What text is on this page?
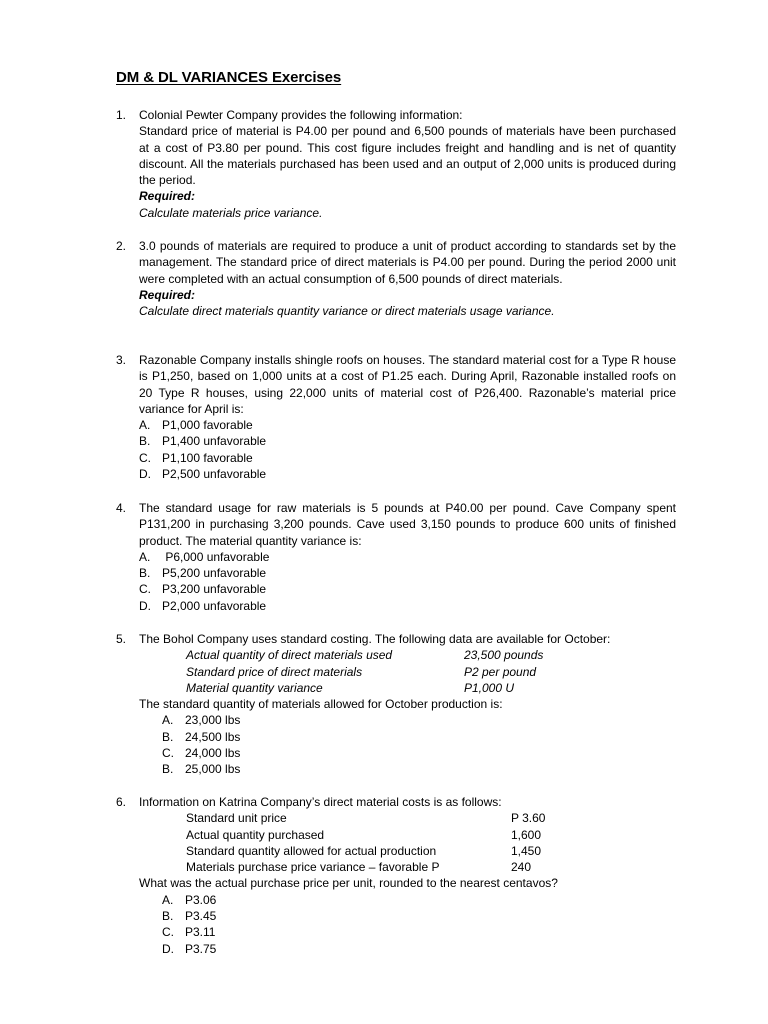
DM & DL VARIANCES Exercises
1.	Colonial Pewter Company provides the following information:
Standard price of material is P4.00 per pound and 6,500 pounds of materials have been purchased at a cost of P3.80 per pound. This cost figure includes freight and handling and is net of quantity discount. All the materials purchased has been used and an output of 2,000 units is produced during the period.
Required:
Calculate materials price variance.
2.	3.0 pounds of materials are required to produce a unit of product according to standards set by the management. The standard price of direct materials is P4.00 per pound. During the period 2000 unit were completed with an actual consumption of 6,500 pounds of direct materials.
Required:
Calculate direct materials quantity variance or direct materials usage variance.
3.	Razonable Company installs shingle roofs on houses. The standard material cost for a Type R house is P1,250, based on 1,000 units at a cost of P1.25 each. During April, Razonable installed roofs on 20 Type R houses, using 22,000 units of material cost of P26,400. Razonable’s material price variance for April is:
A. P1,000 favorable
B. P1,400 unfavorable
C. P1,100 favorable
D. P2,500 unfavorable
4.	The standard usage for raw materials is 5 pounds at P40.00 per pound. Cave Company spent P131,200 in purchasing 3,200 pounds. Cave used 3,150 pounds to produce 600 units of finished product. The material quantity variance is:
A. P6,000 unfavorable
B. P5,200 unfavorable
C. P3,200 unfavorable
D. P2,000 unfavorable
5.	The Bohol Company uses standard costing. The following data are available for October:
Actual quantity of direct materials used	23,500 pounds
Standard price of direct materials	P2 per pound
Material quantity variance	P1,000 U
The standard quantity of materials allowed for October production is:
A. 23,000 lbs
B. 24,500 lbs
C. 24,000 lbs
B. 25,000 lbs
6.	Information on Katrina Company’s direct material costs is as follows:
Standard unit price	P 3.60
Actual quantity purchased	1,600
Standard quantity allowed for actual production	1,450
Materials purchase price variance – favorable P	240
What was the actual purchase price per unit, rounded to the nearest centavos?
A. P3.06
B. P3.45
C. P3.11
D. P3.75
